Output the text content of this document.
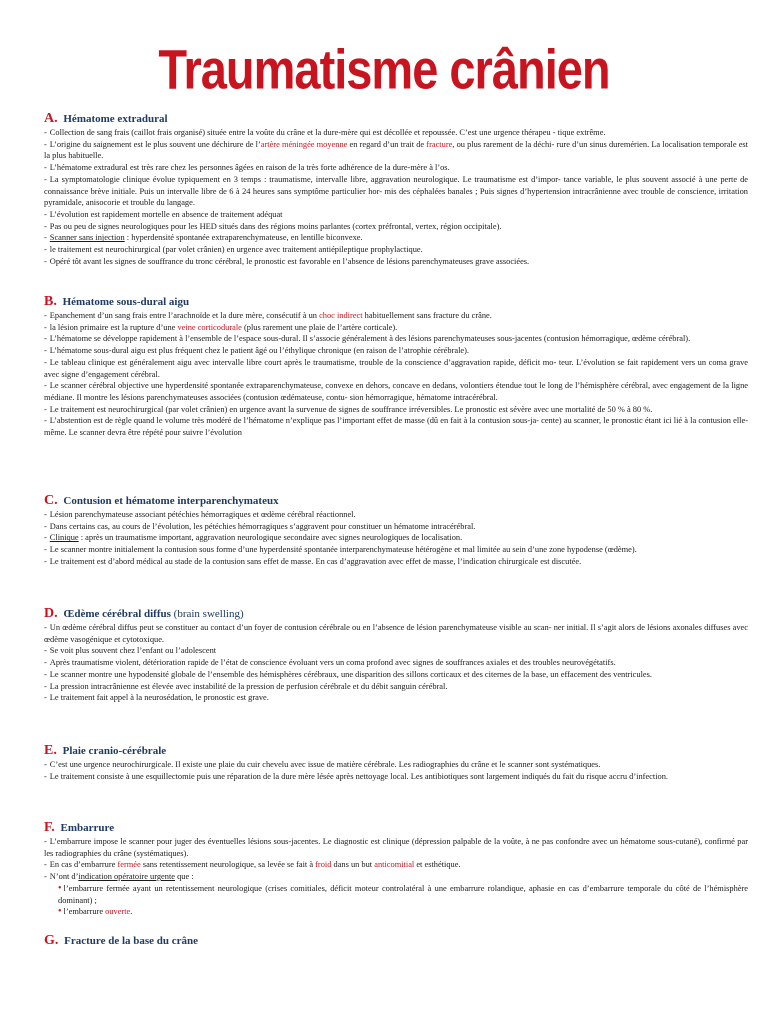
Traumatisme crânien
A. Hématome extradural

- Collection de sang frais (caillot frais organisé) située entre la voûte du crâne et la dure-mère qui est décollée et repoussée. C’est une urgence thérapeu - tique extrême.

- L’origine du saignement est le plus souvent une déchirure de l’artère méningée moyenne en regard d’un trait de fracture, ou plus rarement de la déchi- rure d’un sinus duremérien. La localisation temporale est la plus habituelle.

- L’hématome extradural est très rare chez les personnes âgées en raison de la très forte adhérence de la dure-mère à l’os.

- La symptomatologie clinique évolue typiquement en 3 temps : traumatisme, intervalle libre, aggravation neurologique. Le traumatisme est d’impor- tance variable, le plus souvent associé à une perte de connaissance brève initiale. Puis un intervalle libre de 6 à 24 heures sans symptôme particulier hor- mis des céphalées banales ; Puis signes d’hypertension intracrânienne avec trouble de conscience, irritation pyramidale, anisocorie et trouble du langage.

- L’évolution est rapidement mortelle en absence de traitement adéquat

- Pas ou peu de signes neurologiques pour les HED situés dans des régions moins parlantes (cortex préfrontal, vertex, région occipitale).

- Scanner sans injection : hyperdensité spontanée extraparenchymateuse, en lentille biconvexe.

- le traitement est neurochirurgical (par volet crânien) en urgence avec traitement antiépileptique prophylactique.

- Opéré tôt avant les signes de souffrance du tronc cérébral, le pronostic est favorable en l’absence de lésions parenchymateuses grave associées.

B. Hématome sous-dural aigu

- Epanchement d’un sang frais entre l’arachnoïde et la dure mère, consécutif à un choc indirect habituellement sans fracture du crâne.

- la lésion primaire est la rupture d’une veine corticodurale (plus rarement une plaie de l’artère corticale).

- L’hématome se développe rapidement à l’ensemble de l’espace sous-dural. Il s’associe généralement à des lésions parenchymateuses sous-jacentes (contusion hémorragique, œdème cérébral).

- L’hématome sous-dural aigu est plus fréquent chez le patient âgé ou l’éthylique chronique (en raison de l’atrophie cérébrale).

- Le tableau clinique est généralement aigu avec intervalle libre court après le traumatisme, trouble de la conscience d’aggravation rapide, déficit mo- teur. L’évolution se fait rapidement vers un coma grave avec signe d’engagement cérébral.

- Le scanner cérébral objective une hyperdensité spontanée extraparenchymateuse, convexe en dehors, concave en dedans, volontiers étendue tout le long de l’hémisphère cérébral, avec engagement de la ligne médiane. Il montre les lésions parenchymateuses associées (contusion œdémateuse, contu- sion hémorragique, hématome intracérébral.

- Le traitement est neurochirurgical (par volet crânien) en urgence avant la survenue de signes de souffrance irréversibles. Le pronostic est sévère avec une mortalité de 50 % à 80 %.

- L’abstention est de règle quand le volume très modéré de l’hématome n’explique pas l’important effet de masse (dû en fait à la contusion sous-ja- cente) au scanner, le pronostic étant ici lié à la contusion elle-même. Le scanner devra être répété pour suivre l’évolution

C. Contusion et hématome interparenchymateux

- Lésion parenchymateuse associant pétéchies hémorragiques et œdème cérébral réactionnel.

- Dans certains cas, au cours de l’évolution, les pétéchies hémorragiques s’aggravent pour constituer un hématome intracérébral.

- Clinique : après un traumatisme important, aggravation neurologique secondaire avec signes neurologiques de localisation.

- Le scanner montre initialement la contusion sous forme d’une hyperdensité spontanée interparenchymateuse hétérogène et mal limitée au sein d’une zone hypodense (œdème).

- Le traitement est d’abord médical au stade de la contusion sans effet de masse. En cas d’aggravation avec effet de masse, l’indication chirurgicale est discutée.

D. Œdème cérébral diffus (brain swelling)

- Un œdème cérébral diffus peut se constituer au contact d’un foyer de contusion cérébrale ou en l’absence de lésion parenchymateuse visible au scan- ner initial. Il s’agit alors de lésions axonales diffuses avec œdème vasogénique et cytotoxique.

- Se voit plus souvent chez l’enfant ou l’adolescent

- Après traumatisme violent, détérioration rapide de l’état de conscience évoluant vers un coma profond avec signes de souffrances axiales et des troubles neurovégétatifs.

- Le scanner montre une hypodensité globale de l’ensemble des hémisphères cérébraux, une disparition des sillons corticaux et des citernes de la base, un effacement des ventricules.

- La pression intracrânienne est élevée avec instabilité de la pression de perfusion cérébrale et du débit sanguin cérébral.

- Le traitement fait appel à la neurosédation, le pronostic est grave.

E. Plaie cranio-cérébrale

- C’est une urgence neurochirurgicale. Il existe une plaie du cuir chevelu avec issue de matière cérébrale. Les radiographies du crâne et le scanner sont systématiques.

- Le traitement consiste à une esquillectomie puis une réparation de la dure mère lésée après nettoyage local. Les antibiotiques sont largement indiqués du fait du risque accru d’infection.

F. Embarrure

- L’embarrure impose le scanner pour juger des éventuelles lésions sous-jacentes. Le diagnostic est clinique (dépression palpable de la voûte, à ne pas confondre avec un hématome sous-cutané), confirmé par les radiographies du crâne (systématiques).

- En cas d’embarrure fermée sans retentissement neurologique, sa levée se fait à froid dans un but anticomitial et esthétique.

- N’ont d’indication opératoire urgente que :

• l’embarrure fermée ayant un retentissement neurologique (crises comitiales, déficit moteur controlatéral à une embarrure rolandique, aphasie en cas d’embarrure temporale du côté de l’hémisphère dominant) ;

• l’embarrure ouverte.

G. Fracture de la base du crâne
